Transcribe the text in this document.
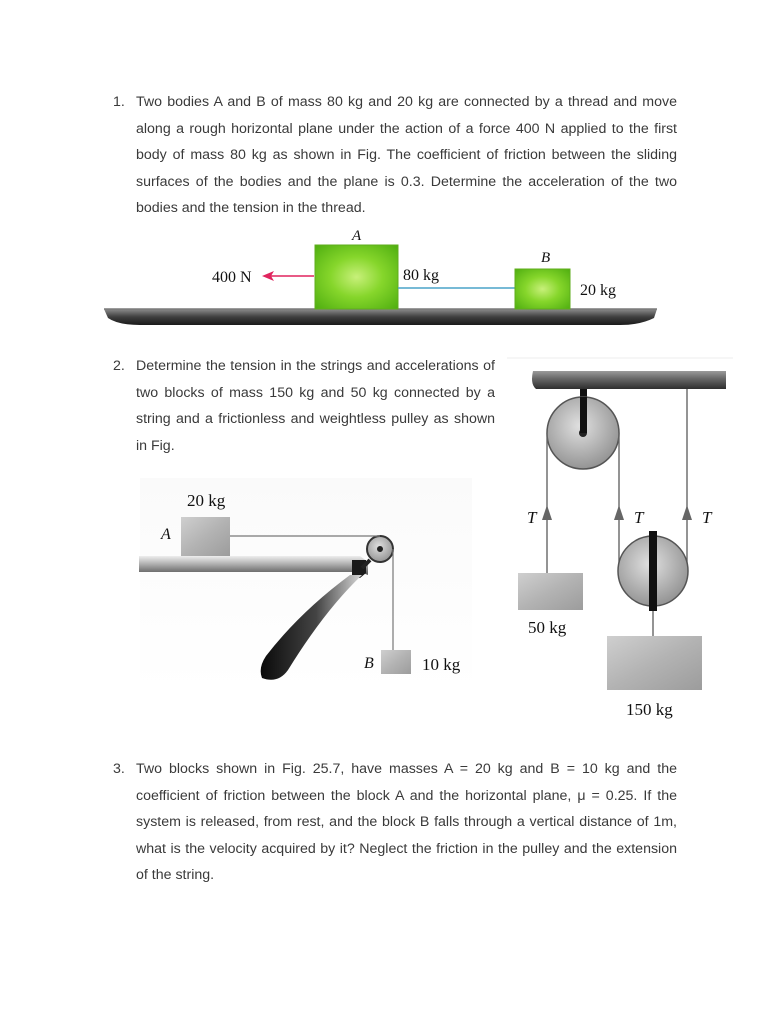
1. Two bodies A and B of mass 80 kg and 20 kg are connected by a thread and move along a rough horizontal plane under the action of a force 400 N applied to the first body of mass 80 kg as shown in Fig. The coefficient of friction between the sliding surfaces of the bodies and the plane is 0.3. Determine the acceleration of the two bodies and the tension in the thread.

2. Determine the tension in the strings and accelerations of two blocks of mass 150 kg and 50 kg connected by a string and a frictionless and weightless pulley as shown in Fig.

3. Two blocks shown in Fig. 25.7, have masses A = 20 kg and B = 10 kg and the coefficient of friction between the block A and the horizontal plane, μ = 0.25. If the system is released, from rest, and the block B falls through a vertical distance of 1m, what is the velocity acquired by it? Neglect the friction in the pulley and the extension of the string.

400 N
A
80 kg
B
20 kg
T	T	T
50 kg
150 kg
20 kg
A
B	10 kg
